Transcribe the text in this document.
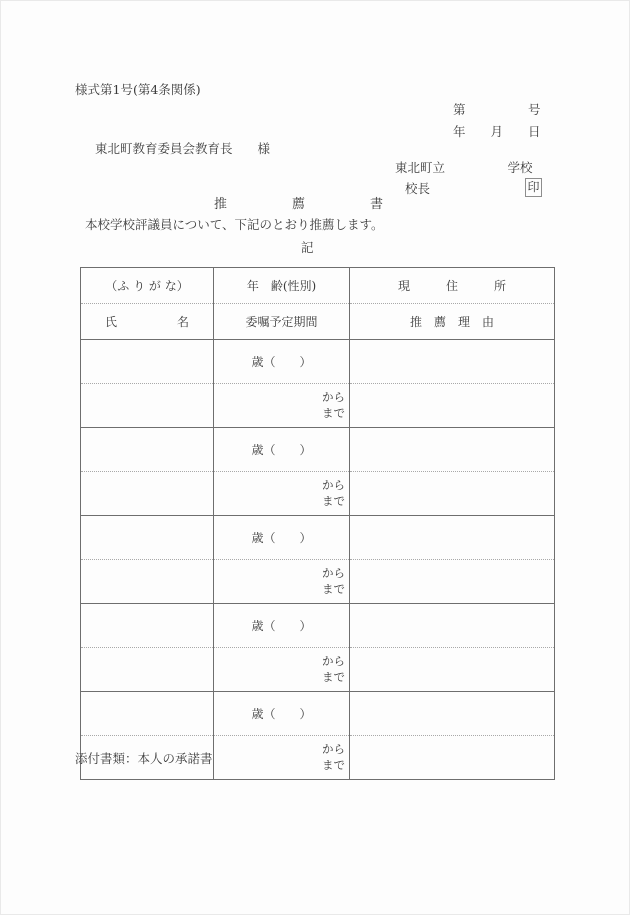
様式第1号(第4条関係)
第　　　　　号
年　　月　　日
東北町教育委員会教育長　　様
東北町立　　　　　学校
校長	印
推　　　　　薦　　　　　書
本校学校評議員について、下記のとおり推薦します。
記
（ふ り が な）	年　齢(性別)	現　　　住　　　所
氏　　　　　名	委嘱予定期間	推　薦　理　由
	歳（　　）	

	から
まで	

	歳（　　）	

	から
まで	

	歳（　　）	

	から
まで	

	歳（　　）	

	から
まで	

	歳（　　）	

	から
まで	

添付書類：本人の承諾書
